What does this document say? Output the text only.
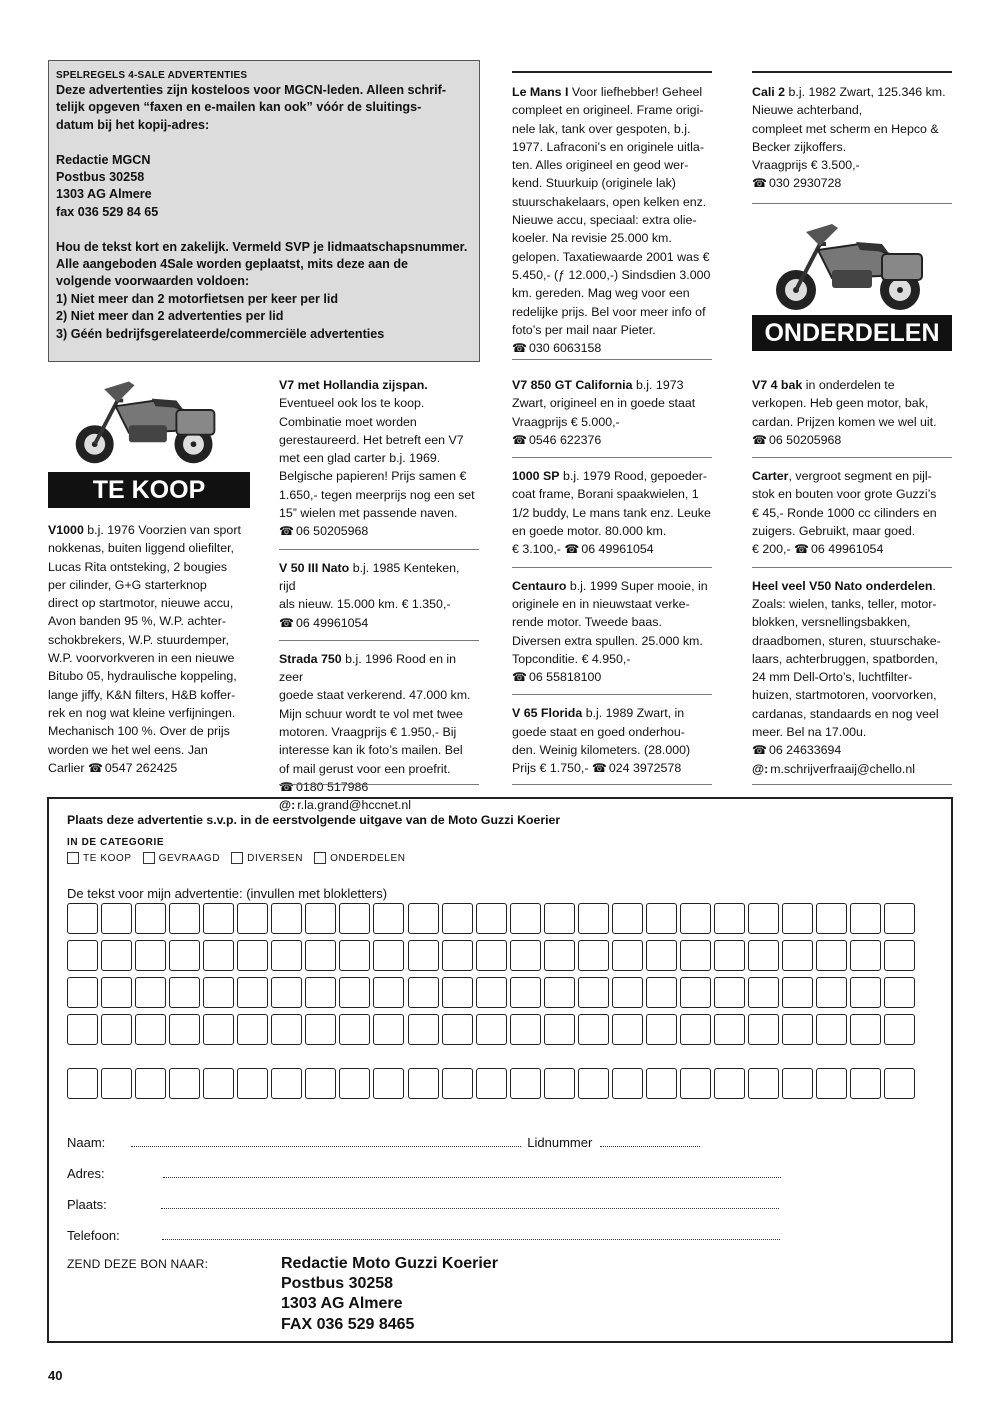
SPELREGELS 4-SALE ADVERTENTIES

Deze advertenties zijn kosteloos voor MGCN-leden. Alleen schrif-

telijk opgeven “faxen en e-mailen kan ook” vóór de sluitings-

datum bij het kopij-adres:

Redactie MGCN

Postbus 30258

1303 AG Almere

fax 036 529 84 65

Hou de tekst kort en zakelijk. Vermeld SVP je lidmaatschapsnummer.

Alle aangeboden 4Sale worden geplaatst, mits deze aan de

volgende voorwaarden voldoen:

1) Niet meer dan 2 motorfietsen per keer per lid

2) Niet meer dan 2 advertenties per lid

3) Géén bedrijfsgerelateerde/commerciële advertenties

Le Mans I Voor liefhebber! Geheel
compleet en origineel. Frame origi-
nele lak, tank over gespoten, b.j.
1977. Lafraconi’s en originele uitla-
ten. Alles origineel en geod wer-
kend. Stuurkuip (originele lak)
stuurschakelaars, open kelken enz.
Nieuwe accu, speciaal: extra olie-
koeler. Na revisie 25.000 km.
gelopen. Taxatiewaarde 2001 was €
5.450,- (ƒ 12.000,-) Sindsdien 3.000
km. gereden. Mag weg voor een
redelijke prijs. Bel voor meer info of
foto’s per mail naar Pieter.
☎ 030 6063158
Cali 2 b.j. 1982 Zwart, 125.346 km.
Nieuwe achterband,
compleet met scherm en Hepco &
Becker zijkoffers.
Vraagprijs € 3.500,-
☎ 030 2930728
ONDERDELEN
TE KOOP
V1000 b.j. 1976 Voorzien van sport
nokkenas, buiten liggend oliefilter,
Lucas Rita ontsteking, 2 bougies
per cilinder, G+G starterknop
direct op startmotor, nieuwe accu,
Avon banden 95 %, W.P. achter-
schokbrekers, W.P. stuurdemper,
W.P. voorvorkveren in een nieuwe
Bitubo 05, hydraulische koppeling,
lange jiffy, K&N filters, H&B koffer-
rek en nog wat kleine verfijningen.
Mechanisch 100 %. Over de prijs
worden we het wel eens. Jan
Carlier ☎ 0547 262425
V7 met Hollandia zijspan.
Eventueel ook los te koop.
Combinatie moet worden
gerestaureerd. Het betreft een V7
met een glad carter b.j. 1969.
Belgische papieren! Prijs samen €
1.650,- tegen meerprijs nog een set
15” wielen met passende naven.
☎ 06 50205968
V 50 III Nato b.j. 1985 Kenteken, rijd
als nieuw. 15.000 km. € 1.350,-
☎ 06 49961054
Strada 750 b.j. 1996 Rood en in zeer
goede staat verkerend. 47.000 km.
Mijn schuur wordt te vol met twee
motoren. Vraagprijs € 1.950,- Bij
interesse kan ik foto’s mailen. Bel
of mail gerust voor een proefrit.
☎ 0180 517986
@: r.la.grand@hccnet.nl
V7 850 GT California b.j. 1973
Zwart, origineel en in goede staat
Vraagprijs € 5.000,-
☎ 0546 622376
1000 SP b.j. 1979 Rood, gepoeder-
coat frame, Borani spaakwielen, 1
1/2 buddy, Le mans tank enz. Leuke
en goede motor. 80.000 km.
€ 3.100,- ☎ 06 49961054
Centauro b.j. 1999 Super mooie, in
originele en in nieuwstaat verke-
rende motor. Tweede baas.
Diversen extra spullen. 25.000 km.
Topconditie. € 4.950,-
☎ 06 55818100
V 65 Florida b.j. 1989 Zwart, in
goede staat en goed onderhou-
den. Weinig kilometers. (28.000)
Prijs € 1.750,- ☎ 024 3972578
V7 4 bak in onderdelen te
verkopen. Heb geen motor, bak,
cardan. Prijzen komen we wel uit.
☎ 06 50205968
Carter, vergroot segment en pijl-
stok en bouten voor grote Guzzi’s
€ 45,- Ronde 1000 cc cilinders en
zuigers. Gebruikt, maar goed.
€ 200,- ☎ 06 49961054
Heel veel V50 Nato onderdelen.
Zoals: wielen, tanks, teller, motor-
blokken, versnellingsbakken,
draadbomen, sturen, stuurschake-
laars, achterbruggen, spatborden,
24 mm Dell-Orto’s, luchtfilter-
huizen, startmotoren, voorvorken,
cardanas, standaards en nog veel
meer. Bel na 17.00u.
☎ 06 24633694
@: m.schrijverfraaij@chello.nl
Plaats deze advertentie s.v.p. in de eerstvolgende uitgave van de Moto Guzzi Koerier
IN DE CATEGORIE
TE KOOP	GEVRAAGD	DIVERSEN	ONDERDELEN
De tekst voor mijn advertentie: (invullen met blokletters)
Naam:	Lidnummer
Adres:
Plaats:
Telefoon:
ZEND DEZE BON NAAR:	Redactie Moto Guzzi Koerier
Postbus 30258
1303 AG Almere
FAX 036 529 8465
40
